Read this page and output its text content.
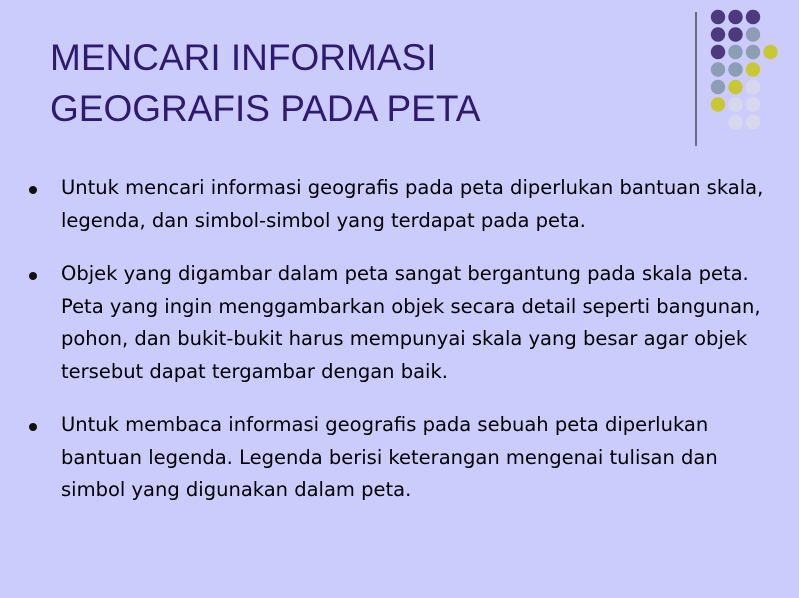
MENCARI INFORMASI
GEOGRAFIS PADA PETA
Untuk mencari informasi geografis pada peta diperlukan bantuan skala, legenda, dan simbol-simbol yang terdapat pada peta.
Objek yang digambar dalam peta sangat bergantung pada skala peta. Peta yang ingin menggambarkan objek secara detail seperti bangunan, pohon, dan bukit-bukit harus mempunyai skala yang besar agar objek tersebut dapat tergambar dengan baik.
Untuk membaca informasi geografis pada sebuah peta diperlukan bantuan legenda. Legenda berisi keterangan mengenai tulisan dan simbol yang digunakan dalam peta.
